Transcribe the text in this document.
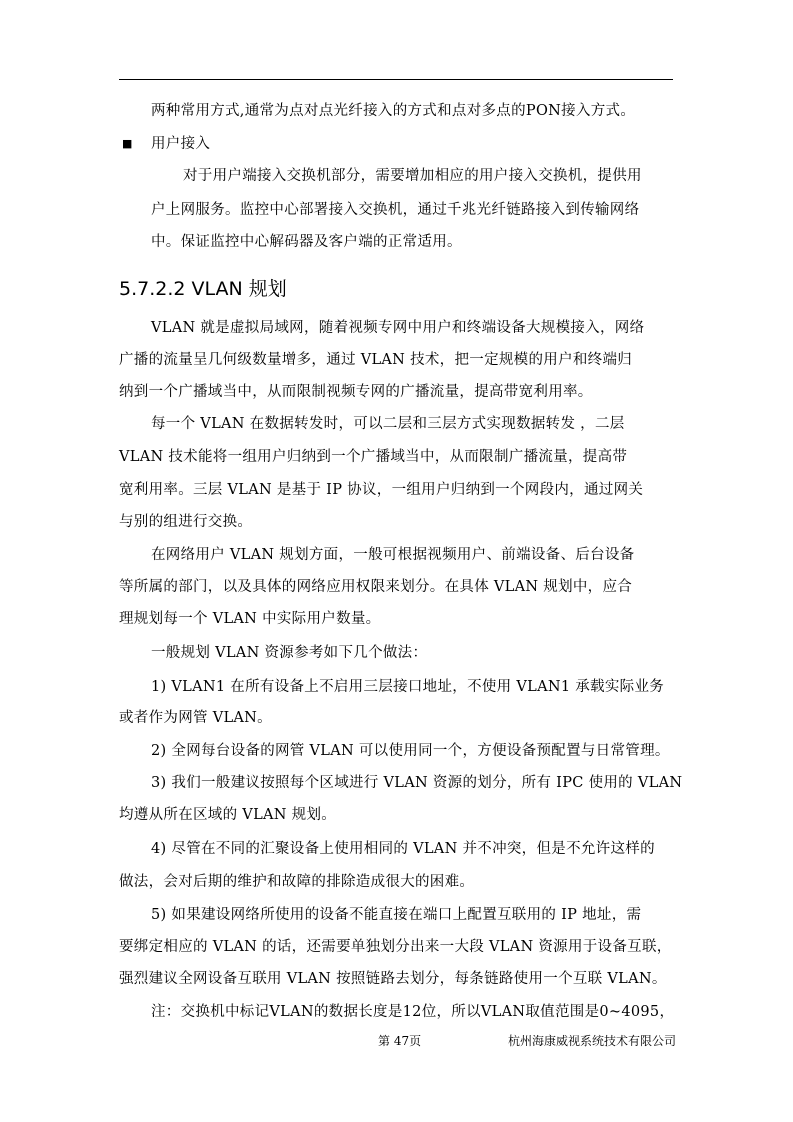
两种常用方式,通常为点对点光纤接入的方式和点对多点的PON接入方式。
■ 用户接入
对于用户端接入交换机部分，需要增加相应的用户接入交换机，提供用
户上网服务。监控中心部署接入交换机，通过千兆光纤链路接入到传输网络
中。保证监控中心解码器及客户端的正常适用。
5.7.2.2 VLAN 规划
VLAN 就是虚拟局域网，随着视频专网中用户和终端设备大规模接入，网络
广播的流量呈几何级数量增多，通过 VLAN 技术，把一定规模的用户和终端归
纳到一个广播域当中，从而限制视频专网的广播流量，提高带宽利用率。
每一个 VLAN 在数据转发时，可以二层和三层方式实现数据转发 ，二层
VLAN 技术能将一组用户归纳到一个广播域当中，从而限制广播流量，提高带
宽利用率。三层 VLAN 是基于 IP 协议，一组用户归纳到一个网段内，通过网关
与别的组进行交换。
在网络用户 VLAN 规划方面，一般可根据视频用户、前端设备、后台设备
等所属的部门，以及具体的网络应用权限来划分。在具体 VLAN 规划中，应合
理规划每一个 VLAN 中实际用户数量。
一般规划 VLAN 资源参考如下几个做法：
1) VLAN1 在所有设备上不启用三层接口地址，不使用 VLAN1 承载实际业务
或者作为网管 VLAN。
2) 全网每台设备的网管 VLAN 可以使用同一个，方便设备预配置与日常管理。
3) 我们一般建议按照每个区域进行 VLAN 资源的划分，所有 IPC 使用的 VLAN
均遵从所在区域的 VLAN 规划。
4) 尽管在不同的汇聚设备上使用相同的 VLAN 并不冲突，但是不允许这样的
做法，会对后期的维护和故障的排除造成很大的困难。
5) 如果建设网络所使用的设备不能直接在端口上配置互联用的 IP 地址，需
要绑定相应的 VLAN 的话，还需要单独划分出来一大段 VLAN 资源用于设备互联，
强烈建议全网设备互联用 VLAN 按照链路去划分，每条链路使用一个互联 VLAN。
注：交换机中标记VLAN的数据长度是12位，所以VLAN取值范围是0~4095，
第 47页	杭州海康威视系统技术有限公司
